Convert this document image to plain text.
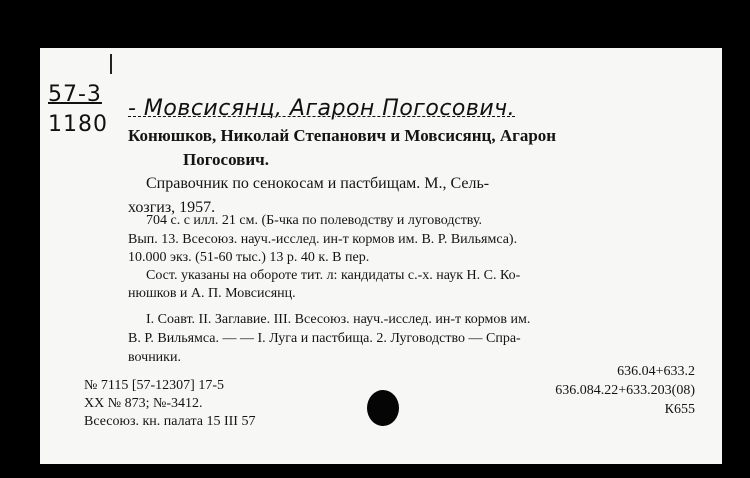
57-3
1180
- Мовсисянц, Агарон Погосович.
Конюшков, Николай Степанович и Мовсисянц, Агарон
Погосович.
Справочник по сенокосам и пастбищам. М., Сель-
хозгиз, 1957.
704 с. с илл. 21 см. (Б-чка по полеводству и луговодству.
Вып. 13. Всесоюз. науч.-исслед. ин-т кормов им. В. Р. Вильямса).
10.000 экз. (51-60 тыс.) 13 р. 40 к. В пер.
Сост. указаны на обороте тит. л: кандидаты с.-х. наук Н. С. Ко-
нюшков и А. П. Мовсисянц.
I. Соавт. II. Заглавие. III. Всесоюз. науч.-исслед. ин-т кормов им.
В. Р. Вильямса. — — I. Луга и пастбища. 2. Луговодство — Спра-
вочники.
№ 7115 [57-12307] 17-5
XX № 873; №-3412.
Всесоюз. кн. палата 15 III 57
636.04+633.2
636.084.22+633.203(08)
К655
